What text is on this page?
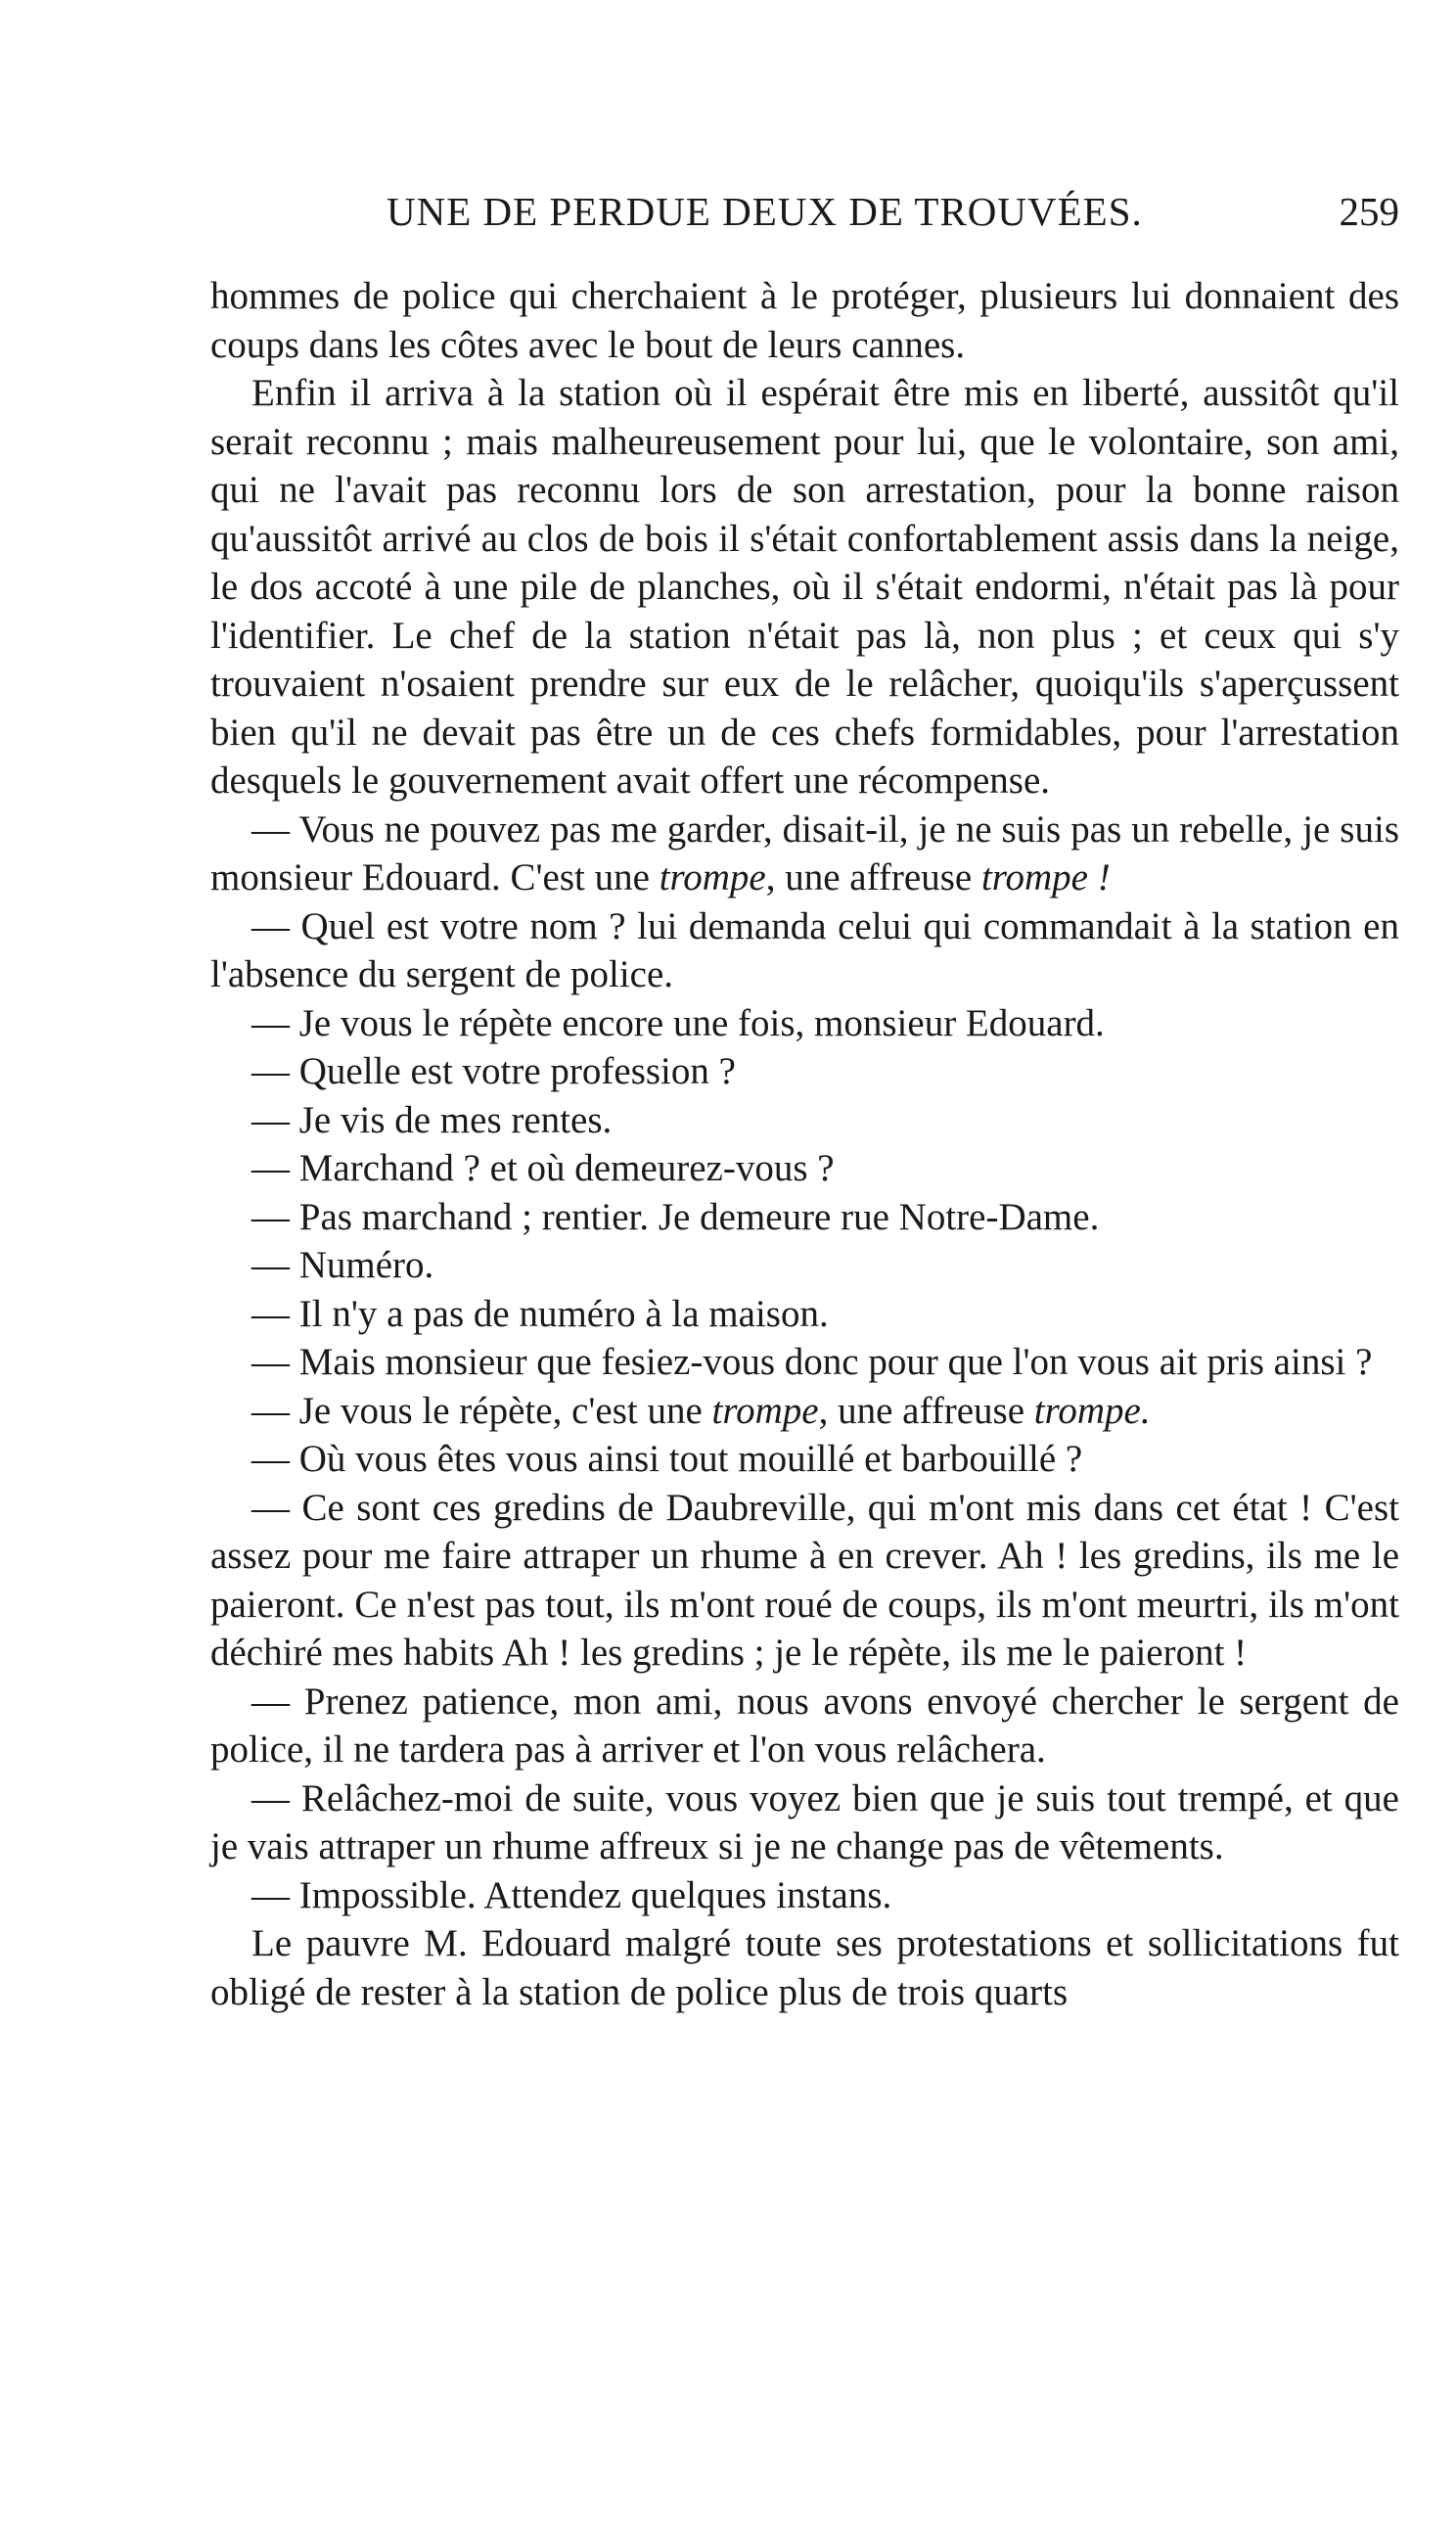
UNE DE PERDUE DEUX DE TROUVÉES.	259

hommes de police qui cherchaient à le protéger, plusieurs lui donnaient des coups dans les côtes avec le bout de leurs cannes.

Enfin il arriva à la station où il espérait être mis en liberté, aussitôt qu'il serait reconnu ; mais malheureusement pour lui, que le volontaire, son ami, qui ne l'avait pas reconnu lors de son arrestation, pour la bonne raison qu'aussitôt arrivé au clos de bois il s'était confortablement assis dans la neige, le dos accoté à une pile de planches, où il s'était endormi, n'était pas là pour l'identifier. Le chef de la station n'était pas là, non plus ; et ceux qui s'y trouvaient n'osaient prendre sur eux de le relâcher, quoiqu'ils s'aperçussent bien qu'il ne devait pas être un de ces chefs formidables, pour l'arrestation desquels le gouvernement avait offert une récompense.

— Vous ne pouvez pas me garder, disait-il, je ne suis pas un rebelle, je suis monsieur Edouard. C'est une trompe, une affreuse trompe !

— Quel est votre nom ? lui demanda celui qui commandait à la station en l'absence du sergent de police.

— Je vous le répète encore une fois, monsieur Edouard.

— Quelle est votre profession ?

— Je vis de mes rentes.

— Marchand ? et où demeurez-vous ?

— Pas marchand ; rentier. Je demeure rue Notre-Dame.

— Numéro.

— Il n'y a pas de numéro à la maison.

— Mais monsieur que fesiez-vous donc pour que l'on vous ait pris ainsi ?

— Je vous le répète, c'est une trompe, une affreuse trompe.

— Où vous êtes vous ainsi tout mouillé et barbouillé ?

— Ce sont ces gredins de Daubreville, qui m'ont mis dans cet état ! C'est assez pour me faire attraper un rhume à en crever. Ah ! les gredins, ils me le paieront. Ce n'est pas tout, ils m'ont roué de coups, ils m'ont meurtri, ils m'ont déchiré mes habits Ah ! les gredins ; je le répète, ils me le paieront !

— Prenez patience, mon ami, nous avons envoyé chercher le sergent de police, il ne tardera pas à arriver et l'on vous relâchera.

— Relâchez-moi de suite, vous voyez bien que je suis tout trempé, et que je vais attraper un rhume affreux si je ne change pas de vêtements.

— Impossible. Attendez quelques instans.

Le pauvre M. Edouard malgré toute ses protestations et sollicitations fut obligé de rester à la station de police plus de trois quarts
